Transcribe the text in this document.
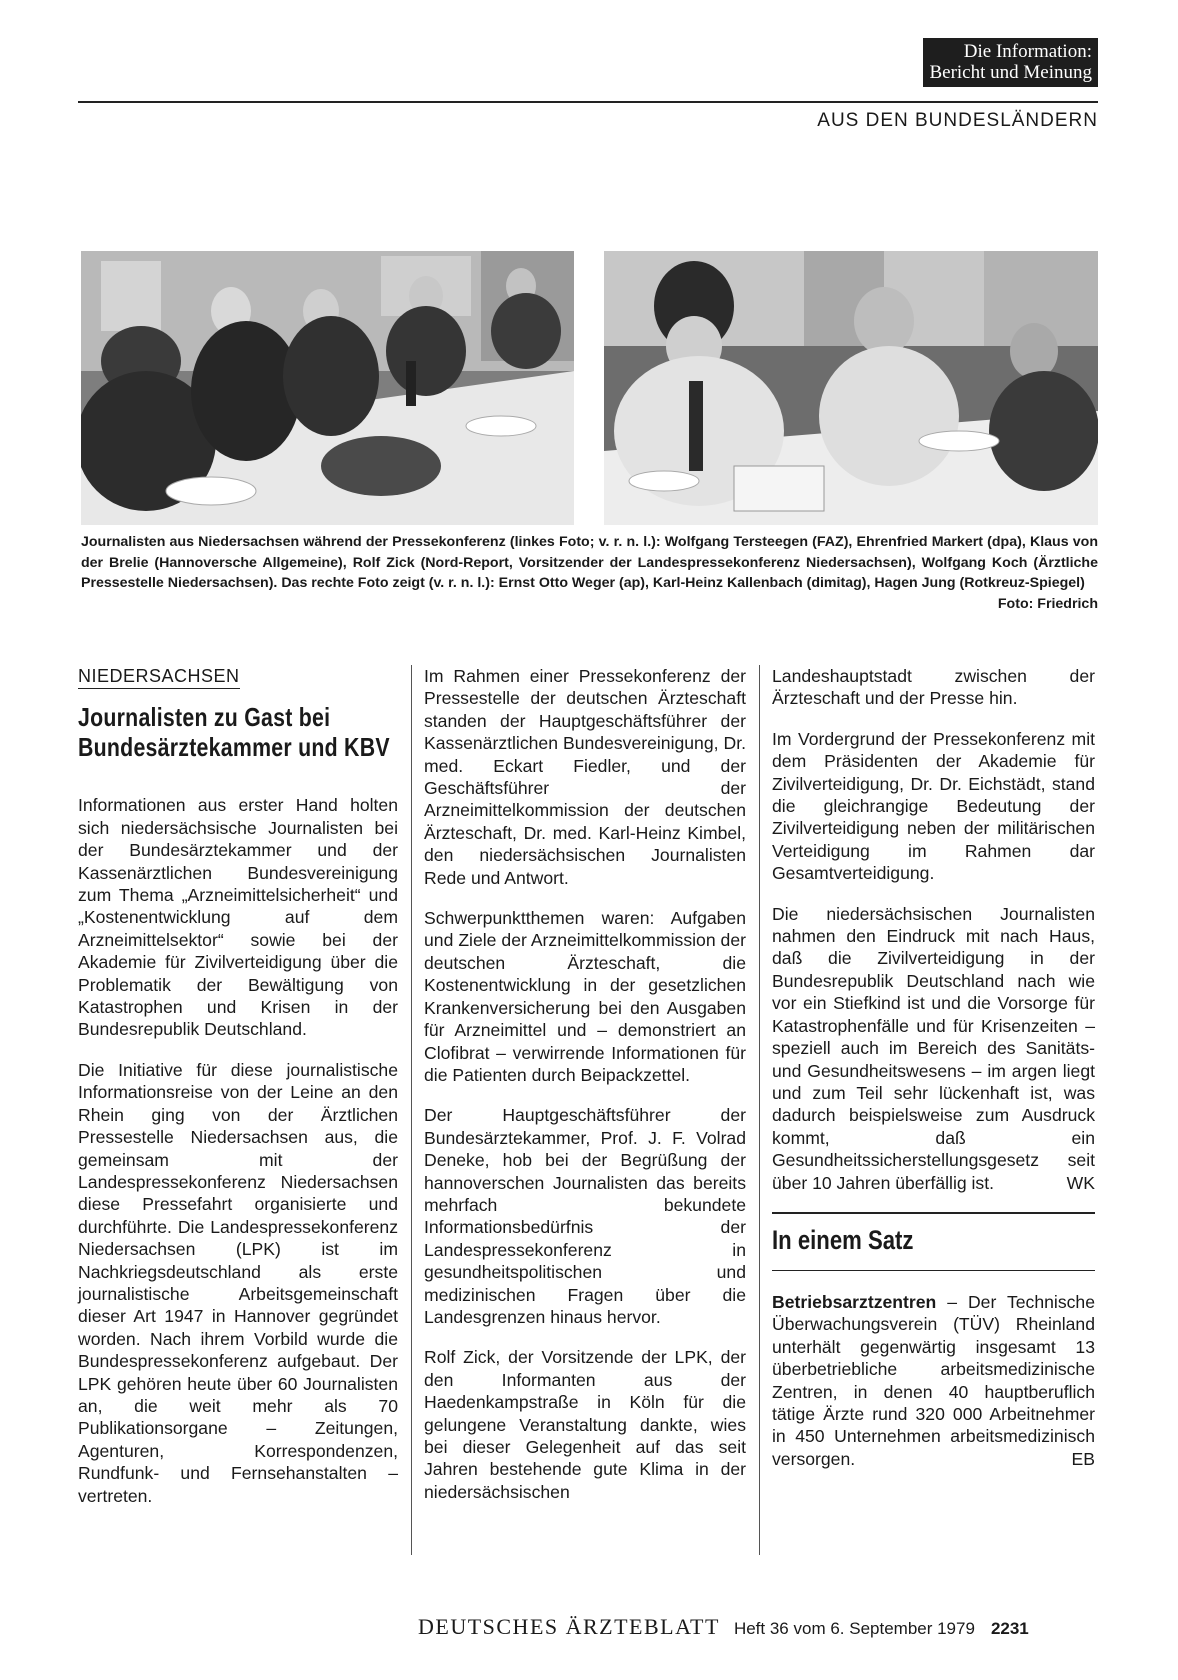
Die Information:
Bericht und Meinung
AUS DEN BUNDESLÄNDERN
Journalisten aus Niedersachsen während der Pressekonferenz (linkes Foto; v. r. n. l.): Wolfgang Tersteegen (FAZ), Ehrenfried Markert (dpa), Klaus von der Brelie (Hannoversche Allgemeine), Rolf Zick (Nord-Report, Vorsitzender der Landespressekonferenz Niedersachsen), Wolfgang Koch (Ärztliche Pressestelle Niedersachsen). Das rechte Foto zeigt (v. r. n. l.): Ernst Otto Weger (ap), Karl-Heinz Kallenbach (dimitag), Hagen Jung (Rotkreuz-Spiegel)
Foto: Friedrich
NIEDERSACHSEN
Journalisten zu Gast bei Bundesärztekammer und KBV

Informationen aus erster Hand holten sich niedersächsische Journalisten bei der Bundesärztekammer und der Kassenärztlichen Bundesvereinigung zum Thema „Arzneimittelsicherheit“ und „Kostenentwicklung auf dem Arzneimittelsektor“ sowie bei der Akademie für Zivilverteidigung über die Problematik der Bewältigung von Katastrophen und Krisen in der Bundesrepublik Deutschland.

Die Initiative für diese journalistische Informationsreise von der Leine an den Rhein ging von der Ärztlichen Pressestelle Niedersachsen aus, die gemeinsam mit der Landespressekonferenz Niedersachsen diese Pressefahrt organisierte und durchführte. Die Landespressekonferenz Niedersachsen (LPK) ist im Nachkriegsdeutschland als erste journalistische Arbeitsgemeinschaft dieser Art 1947 in Hannover gegründet worden. Nach ihrem Vorbild wurde die Bundespressekonferenz aufgebaut. Der LPK gehören heute über 60 Journalisten an, die weit mehr als 70 Publikationsorgane – Zeitungen, Agenturen, Korrespondenzen, Rundfunk- und Fernsehanstalten – vertreten.

Im Rahmen einer Pressekonferenz der Pressestelle der deutschen Ärzteschaft standen der Hauptgeschäftsführer der Kassenärztlichen Bundesvereinigung, Dr. med. Eckart Fiedler, und der Geschäftsführer der Arzneimittelkommission der deutschen Ärzteschaft, Dr. med. Karl-Heinz Kimbel, den niedersächsischen Journalisten Rede und Antwort.

Schwerpunktthemen waren: Aufgaben und Ziele der Arzneimittelkommission der deutschen Ärzteschaft, die Kostenentwicklung in der gesetzlichen Krankenversicherung bei den Ausgaben für Arzneimittel und – demonstriert an Clofibrat – verwirrende Informationen für die Patienten durch Beipackzettel.

Der Hauptgeschäftsführer der Bundesärztekammer, Prof. J. F. Volrad Deneke, hob bei der Begrüßung der hannoverschen Journalisten das bereits mehrfach bekundete Informationsbedürfnis der Landespressekonferenz in gesundheitspolitischen und medizinischen Fragen über die Landesgrenzen hinaus hervor.

Rolf Zick, der Vorsitzende der LPK, der den Informanten aus der Haedenkampstraße in Köln für die gelungene Veranstaltung dankte, wies bei dieser Gelegenheit auf das seit Jahren bestehende gute Klima in der niedersächsischen

Landeshauptstadt zwischen der Ärzteschaft und der Presse hin.

Im Vordergrund der Pressekonferenz mit dem Präsidenten der Akademie für Zivilverteidigung, Dr. Dr. Eichstädt, stand die gleichrangige Bedeutung der Zivilverteidigung neben der militärischen Verteidigung im Rahmen dar Gesamtverteidigung.

Die niedersächsischen Journalisten nahmen den Eindruck mit nach Haus, daß die Zivilverteidigung in der Bundesrepublik Deutschland nach wie vor ein Stiefkind ist und die Vorsorge für Katastrophenfälle und für Krisenzeiten – speziell auch im Bereich des Sanitäts- und Gesundheitswesens – im argen liegt und zum Teil sehr lückenhaft ist, was dadurch beispielsweise zum Ausdruck kommt, daß ein Gesundheitssicherstellungsgesetz seit über 10 Jahren überfällig ist.	WK

In einem Satz

Betriebsarztzentren – Der Technische Überwachungsverein (TÜV) Rheinland unterhält gegenwärtig insgesamt 13 überbetriebliche arbeitsmedizinische Zentren, in denen 40 hauptberuflich tätige Ärzte rund 320 000 Arbeitnehmer in 450 Unternehmen arbeitsmedizinisch versorgen.	EB

DEUTSCHES ÄRZTEBLATT Heft 36 vom 6. September 1979 2231
